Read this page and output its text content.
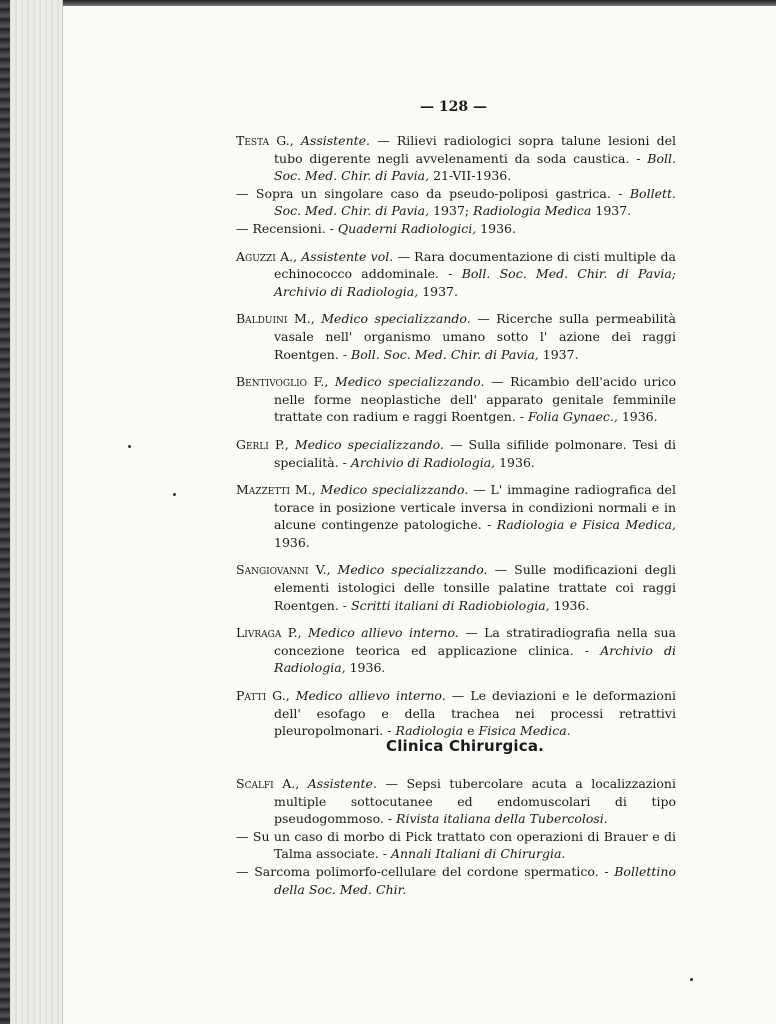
— 128 —

Testa G., Assistente. — Rilievi radiologici sopra talune lesioni del tubo digerente negli avvelenamenti da soda caustica. - Boll. Soc. Med. Chir. di Pavia, 21-VII-1936.

— Sopra un singolare caso da pseudo-poliposi gastrica. - Bollett. Soc. Med. Chir. di Pavia, 1937; Radiologia Medica 1937.

— Recensioni. - Quaderni Radiologici, 1936.

Aguzzi A., Assistente vol. — Rara documentazione di cisti multiple da echinococco addominale. - Boll. Soc. Med. Chir. di Pavia; Archivio di Radiologia, 1937.

Balduini M., Medico specializzando. — Ricerche sulla permeabilità vasale nell' organismo umano sotto l' azione dei raggi Roentgen. - Boll. Soc. Med. Chir. di Pavia, 1937.

Bentivoglio F., Medico specializzando. — Ricambio dell'acido urico nelle forme neoplastiche dell' apparato genitale femminile trattate con radium e raggi Roentgen. - Folia Gynaec., 1936.

Gerli P., Medico specializzando. — Sulla sifilide polmonare. Tesi di specialità. - Archivio di Radiologia, 1936.

Mazzetti M., Medico specializzando. — L' immagine radiografica del torace in posizione verticale inversa in condizioni normali e in alcune contingenze patologiche. - Radiologia e Fisica Medica, 1936.

Sangiovanni V., Medico specializzando. — Sulle modificazioni degli elementi istologici delle tonsille palatine trattate coi raggi Roentgen. - Scritti italiani di Radiobiologia, 1936.

Livraga P., Medico allievo interno. — La stratiradiografia nella sua concezione teorica ed applicazione clinica. - Archivio di Radiologia, 1936.

Patti G., Medico allievo interno. — Le deviazioni e le deformazioni dell' esofago e della trachea nei processi retrattivi pleuropolmonari. - Radiologia e Fisica Medica.

Clinica Chirurgica.

Scalfi A., Assistente. — Sepsi tubercolare acuta a localizzazioni multiple sottocutanee ed endomuscolari di tipo pseudogommoso. - Rivista italiana della Tubercolosi.

— Su un caso di morbo di Pick trattato con operazioni di Brauer e di Talma associate. - Annali Italiani di Chirurgia.

— Sarcoma polimorfo-cellulare del cordone spermatico. - Bollettino della Soc. Med. Chir.
